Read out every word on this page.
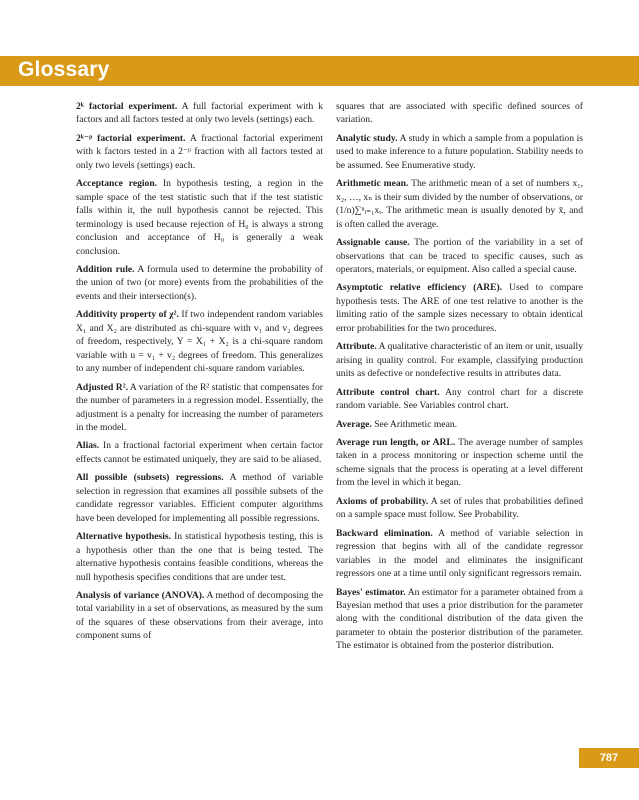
Glossary

2ᵏ factorial experiment. A full factorial experiment with k factors and all factors tested at only two levels (settings) each.

2ᵏ⁻ᵖ factorial experiment. A fractional factorial experiment with k factors tested in a 2⁻ᵖ fraction with all factors tested at only two levels (settings) each.

Acceptance region. In hypothesis testing, a region in the sample space of the test statistic such that if the test statistic falls within it, the null hypothesis cannot be rejected. This terminology is used because rejection of H₀ is always a strong conclusion and acceptance of H₀ is generally a weak conclusion.

Addition rule. A formula used to determine the probability of the union of two (or more) events from the probabilities of the events and their intersection(s).

Additivity property of χ². If two independent random variables X₁ and X₂ are distributed as chi-square with v₁ and v₂ degrees of freedom, respectively, Y = X₁ + X₂ is a chi-square random variable with u = v₁ + v₂ degrees of freedom. This generalizes to any number of independent chi-square random variables.

Adjusted R². A variation of the R² statistic that compensates for the number of parameters in a regression model. Essentially, the adjustment is a penalty for increasing the number of parameters in the model.

Alias. In a fractional factorial experiment when certain factor effects cannot be estimated uniquely, they are said to be aliased.

All possible (subsets) regressions. A method of variable selection in regression that examines all possible subsets of the candidate regressor variables. Efficient computer algorithms have been developed for implementing all possible regressions.

Alternative hypothesis. In statistical hypothesis testing, this is a hypothesis other than the one that is being tested. The alternative hypothesis contains feasible conditions, whereas the null hypothesis specifies conditions that are under test.

Analysis of variance (ANOVA). A method of decomposing the total variability in a set of observations, as measured by the sum of the squares of these observations from their average, into component sums of

squares that are associated with specific defined sources of variation.

Analytic study. A study in which a sample from a population is used to make inference to a future population. Stability needs to be assumed. See Enumerative study.

Arithmetic mean. The arithmetic mean of a set of numbers x₁, x₂, …, xₙ is their sum divided by the number of observations, or (1/n)∑ⁿᵢ₌₁xᵢ. The arithmetic mean is usually denoted by x̄, and is often called the average.

Assignable cause. The portion of the variability in a set of observations that can be traced to specific causes, such as operators, materials, or equipment. Also called a special cause.

Asymptotic relative efficiency (ARE). Used to compare hypothesis tests. The ARE of one test relative to another is the limiting ratio of the sample sizes necessary to obtain identical error probabilities for the two procedures.

Attribute. A qualitative characteristic of an item or unit, usually arising in quality control. For example, classifying production units as defective or nondefective results in attributes data.

Attribute control chart. Any control chart for a discrete random variable. See Variables control chart.

Average. See Arithmetic mean.

Average run length, or ARL. The average number of samples taken in a process monitoring or inspection scheme until the scheme signals that the process is operating at a level different from the level in which it began.

Axioms of probability. A set of rules that probabilities defined on a sample space must follow. See Probability.

Backward elimination. A method of variable selection in regression that begins with all of the candidate regressor variables in the model and eliminates the insignificant regressors one at a time until only significant regressors remain.

Bayes' estimator. An estimator for a parameter obtained from a Bayesian method that uses a prior distribution for the parameter along with the conditional distribution of the data given the parameter to obtain the posterior distribution of the parameter. The estimator is obtained from the posterior distribution.

787
